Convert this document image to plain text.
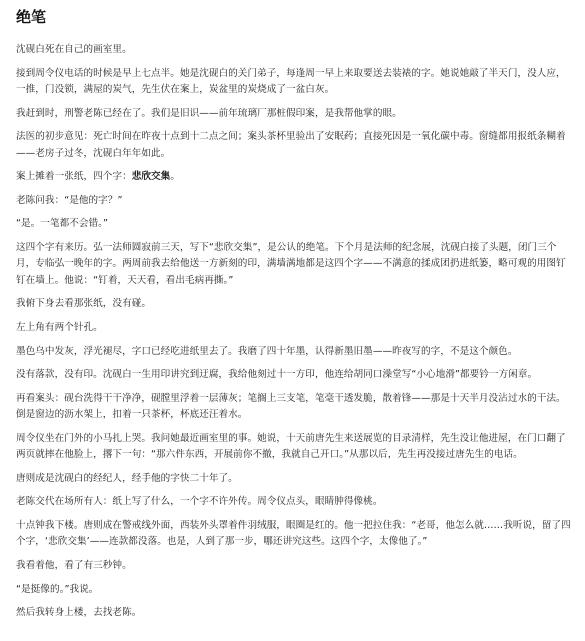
绝笔
沈砚白死在自己的画室里。
接到周令仪电话的时候是早上七点半。她是沈砚白的关门弟子，每逢周一早上来取要送去装裱的字。她说她敲了半天门，没人应，一推，门没锁，满屋的炭气，先生伏在案上，炭盆里的炭烧成了一盆白灰。
我赶到时，刑警老陈已经在了。我们是旧识——前年琉璃厂那桩假印案，是我帮他掌的眼。
法医的初步意见：死亡时间在昨夜十点到十二点之间；案头茶杯里验出了安眠药；直接死因是一氧化碳中毒。窗缝都用报纸条糊着——老房子过冬，沈砚白年年如此。
案上摊着一张纸，四个字：悲欣交集。
老陈问我：“是他的字？”
“是。一笔都不会错。”
这四个字有来历。弘一法师圆寂前三天，写下“悲欣交集”，是公认的绝笔。下个月是法师的纪念展，沈砚白接了头题，闭门三个月，专临弘一晚年的字。两周前我去给他送一方新刻的印，满墙满地都是这四个字——不满意的揉成团扔进纸篓，略可观的用图钉钉在墙上。他说：“钉着，天天看，看出毛病再撕。”
我俯下身去看那张纸，没有碰。
左上角有两个针孔。
墨色乌中发灰，浮光褪尽，字口已经吃进纸里去了。我磨了四十年墨，认得新墨旧墨——昨夜写的字，不是这个颜色。
没有落款，没有印。沈砚白一生用印讲究到迂腐，我给他刻过十一方印，他连给胡同口澡堂写“小心地滑”都要钤一方闲章。
再看案头：砚台洗得干干净净，砚膛里浮着一层薄灰；笔搁上三支笔，笔毫干透发脆，散着锋——那是十天半月没沾过水的干法。倒是窗边的沥水架上，扣着一只茶杯，杯底还汪着水。
周令仪坐在门外的小马扎上哭。我问她最近画室里的事。她说，十天前唐先生来送展览的目录清样，先生没让他进屋，在门口翻了两页就摔在他脸上，撂下一句：“那六件东西，开展前你不撤，我就自己开口。”从那以后，先生再没接过唐先生的电话。
唐则成是沈砚白的经纪人，经手他的字快二十年了。
老陈交代在场所有人：纸上写了什么，一个字不许外传。周令仪点头，眼睛肿得像桃。
十点钟我下楼。唐则成在警戒线外面，西装外头罩着件羽绒服，眼圈是红的。他一把拉住我：“老哥，他怎么就……我听说，留了四个字，‘悲欣交集’——连款都没落。也是，人到了那一步，哪还讲究这些。这四个字，太像他了。”
我看着他，看了有三秒钟。
“是挺像的。”我说。
然后我转身上楼，去找老陈。
